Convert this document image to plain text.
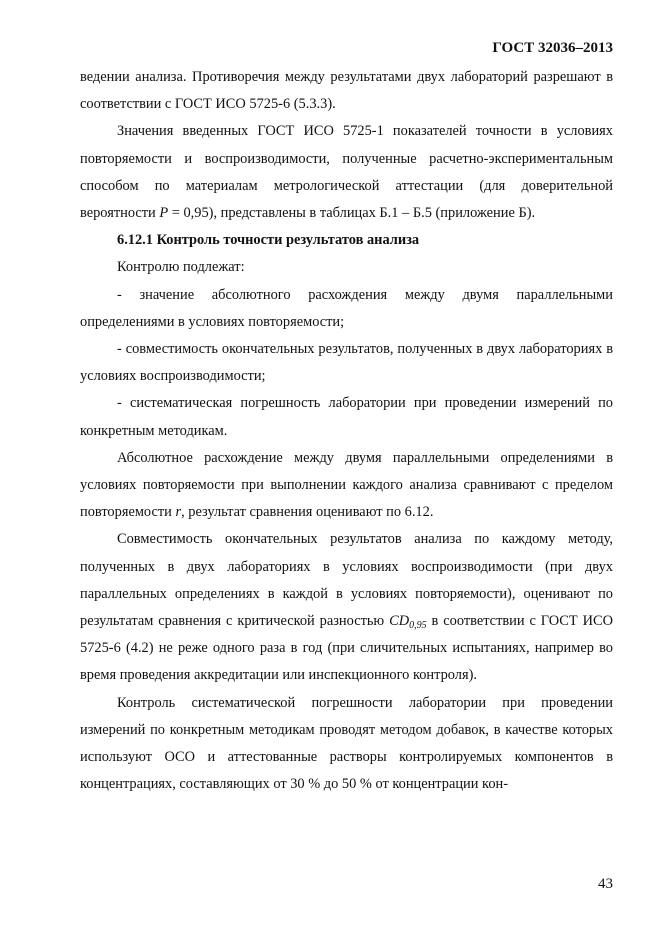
ГОСТ 32036–2013

ведении анализа. Противоречия между результатами двух лабораторий разрешают в соответствии с ГОСТ ИСО 5725-6 (5.3.3).

Значения введенных ГОСТ ИСО 5725-1 показателей точности в условиях повторяемости и воспроизводимости, полученные расчетно-экспериментальным способом по материалам метрологической аттестации (для доверительной вероятности P = 0,95), представлены в таблицах Б.1 – Б.5 (приложение Б).

6.12.1 Контроль точности результатов анализа

Контролю подлежат:

- значение абсолютного расхождения между двумя параллельными определениями в условиях повторяемости;

- совместимость окончательных результатов, полученных в двух лабораториях в условиях воспроизводимости;

- систематическая погрешность лаборатории при проведении измерений по конкретным методикам.

Абсолютное расхождение между двумя параллельными определениями в условиях повторяемости при выполнении каждого анализа сравнивают с пределом повторяемости r, результат сравнения оценивают по 6.12.

Совместимость окончательных результатов анализа по каждому методу, полученных в двух лабораториях в условиях воспроизводимости (при двух параллельных определениях в каждой в условиях повторяемости), оценивают по результатам сравнения с критической разностью $CD_{0,95}$ в соответствии с ГОСТ ИСО 5725-6 (4.2) не реже одного раза в год (при сличительных испытаниях, например во время проведения аккредитации или инспекционного контроля).

Контроль систематической погрешности лаборатории при проведении измерений по конкретным методикам проводят методом добавок, в качестве которых используют ОСО и аттестованные растворы контролируемых компонентов в концентрациях, составляющих от 30 % до 50 % от концентрации кон-

43
